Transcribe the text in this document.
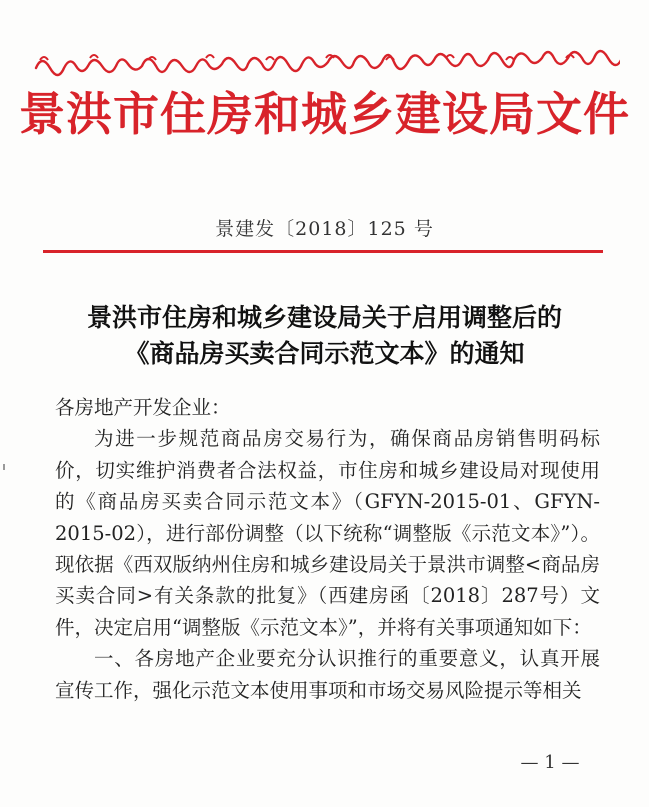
景洪市住房和城乡建设局文件
景建发〔2018〕125 号
景洪市住房和城乡建设局关于启用调整后的
《商品房买卖合同示范文本》的通知

各房地产开发企业：

为进一步规范商品房交易行为，确保商品房销售明码标价，切实维护消费者合法权益，市住房和城乡建设局对现使用的《商品房买卖合同示范文本》（GFYN-2015-01、GFYN-2015-02），进行部份调整（以下统称“调整版《示范文本》”）。现依据《西双版纳州住房和城乡建设局关于景洪市调整<商品房买卖合同>有关条款的批复》（西建房函〔2018〕287号）文件，决定启用“调整版《示范文本》”，并将有关事项通知如下：

一、各房地产企业要充分认识推行的重要意义，认真开展宣传工作，强化示范文本使用事项和市场交易风险提示等相关

— 1 —
